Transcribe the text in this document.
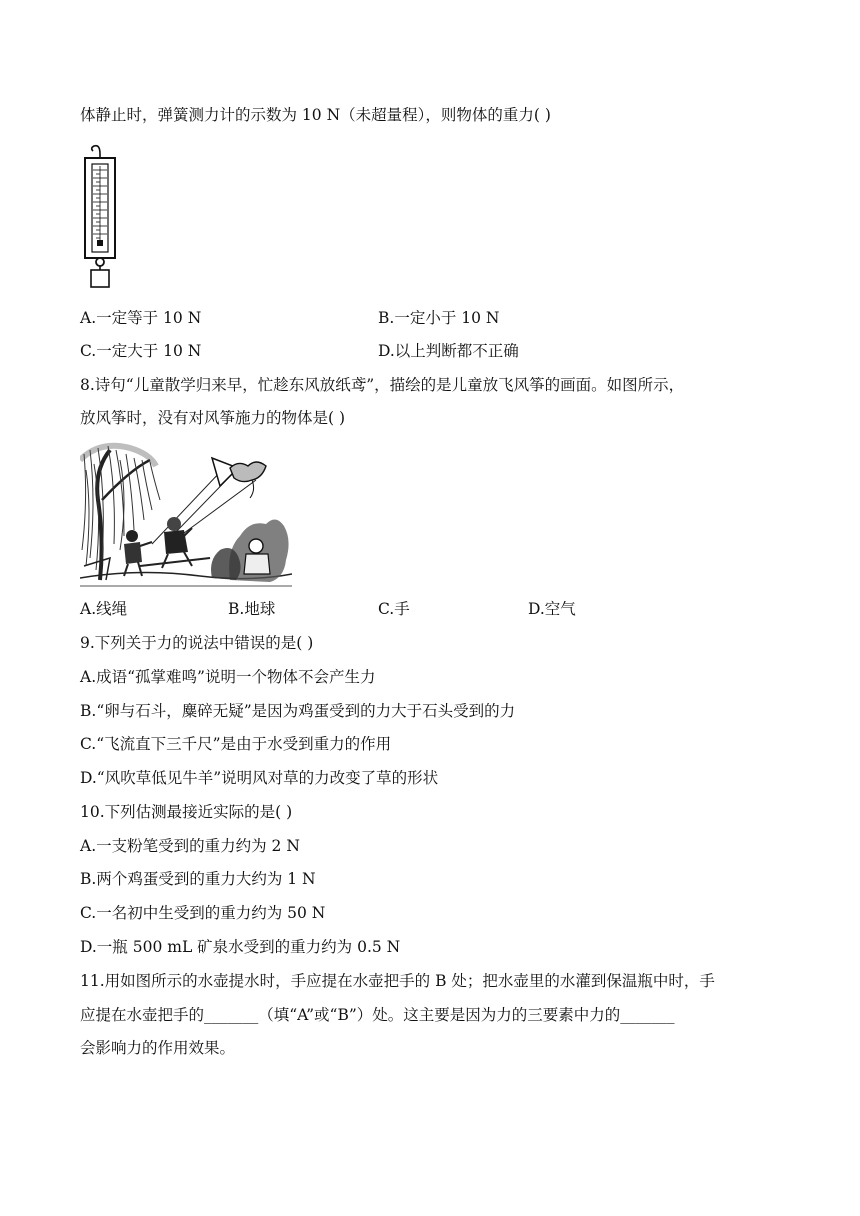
体静止时，弹簧测力计的示数为 10 N（未超量程），则物体的重力( )
A.一定等于 10 N	B.一定小于 10 N
C.一定大于 10 N	D.以上判断都不正确
8.诗句“儿童散学归来早，忙趁东风放纸鸢”，描绘的是儿童放飞风筝的画面。如图所示，
放风筝时，没有对风筝施力的物体是( )
A.线绳	B.地球	C.手	D.空气
9.下列关于力的说法中错误的是( )
A.成语“孤掌难鸣”说明一个物体不会产生力
B.“卵与石斗，麋碎无疑”是因为鸡蛋受到的力大于石头受到的力
C.“飞流直下三千尺”是由于水受到重力的作用
D.“风吹草低见牛羊”说明风对草的力改变了草的形状
10.下列估测最接近实际的是( )
A.一支粉笔受到的重力约为 2 N
B.两个鸡蛋受到的重力大约为 1 N
C.一名初中生受到的重力约为 50 N
D.一瓶 500 mL 矿泉水受到的重力约为 0.5 N
11.用如图所示的水壶提水时，手应提在水壶把手的 B 处；把水壶里的水灌到保温瓶中时，手
应提在水壶把手的_______（填“A”或“B”）处。这主要是因为力的三要素中力的_______
会影响力的作用效果。
